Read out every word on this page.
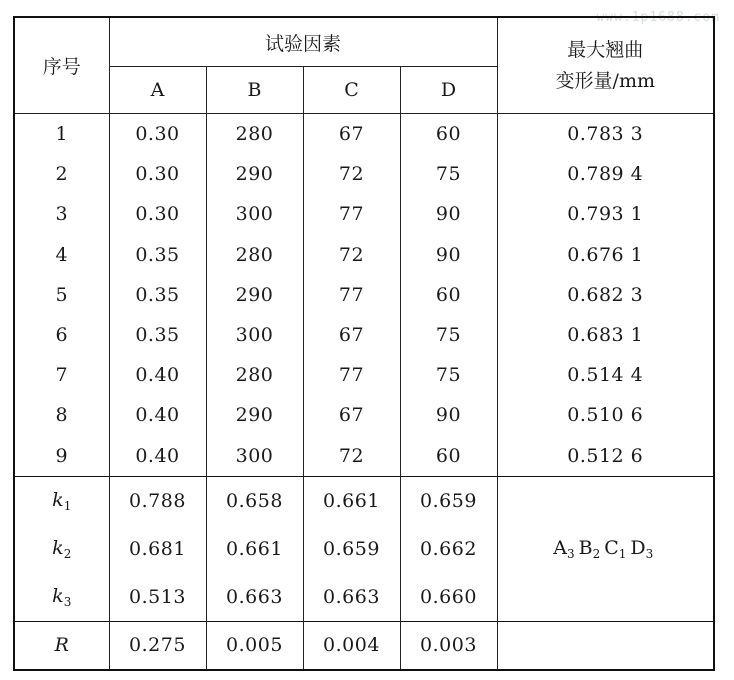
www.1p1688.com
序号	试验因素				最大翘曲
变形量/mm

	A	B	C	D	
1	0.30	280	67	60	0.783 3
2	0.30	290	72	75	0.789 4
3	0.30	300	77	90	0.793 1
4	0.35	280	72	90	0.676 1
5	0.35	290	77	60	0.682 3
6	0.35	300	67	75	0.683 1
7	0.40	280	77	75	0.514 4
8	0.40	290	67	90	0.510 6
9	0.40	300	72	60	0.512 6
$k_1$	0.788	0.658	0.661	0.659	$A_3$ $B_2$ $C_1$ $D_3$
$k_2$	0.681	0.661	0.659	0.662	
$k_3$	0.513	0.663	0.663	0.660	
R	0.275	0.005	0.004	0.003	
